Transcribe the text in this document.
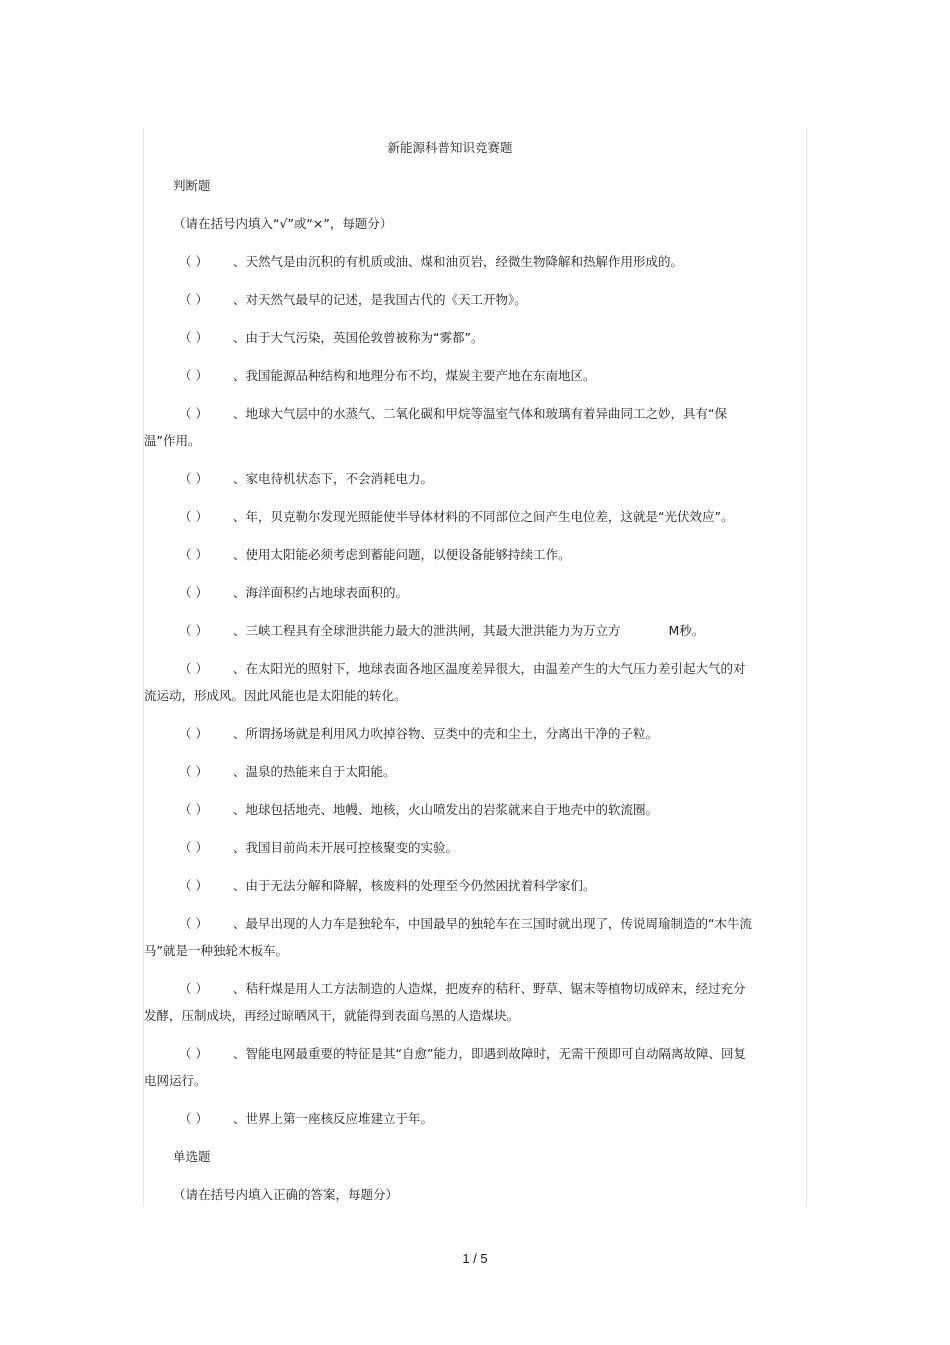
新能源科普知识竞赛题

判断题

（请在括号内填入“√”或“×”，每题分）

（ ） 、天然气是由沉积的有机质或油、煤和油页岩，经微生物降解和热解作用形成的。

（ ） 、对天然气最早的记述，是我国古代的《天工开物》。

（ ） 、由于大气污染，英国伦敦曾被称为“雾都”。

（ ） 、我国能源品种结构和地理分布不均，煤炭主要产地在东南地区。

（ ） 、地球大气层中的水蒸气、二氧化碳和甲烷等温室气体和玻璃有着异曲同工之妙，具有“保温”作用。

（ ） 、家电待机状态下，不会消耗电力。

（ ） 、年，贝克勒尔发现光照能使半导体材料的不同部位之间产生电位差，这就是“光伏效应”。

（ ） 、使用太阳能必须考虑到蓄能问题，以便设备能够持续工作。

（ ） 、海洋面积约占地球表面积的。

（ ） 、三峡工程具有全球泄洪能力最大的泄洪闸，其最大泄洪能力为万立方	M秒。

（ ） 、在太阳光的照射下，地球表面各地区温度差异很大，由温差产生的大气压力差引起大气的对流运动，形成风。因此风能也是太阳能的转化。

（ ） 、所谓扬场就是利用风力吹掉谷物、豆类中的壳和尘土，分离出干净的子粒。

（ ） 、温泉的热能来自于太阳能。

（ ） 、地球包括地壳、地幔、地核，火山喷发出的岩浆就来自于地壳中的软流圈。

（ ） 、我国目前尚未开展可控核聚变的实验。

（ ） 、由于无法分解和降解，核废料的处理至今仍然困扰着科学家们。

（ ） 、最早出现的人力车是独轮车，中国最早的独轮车在三国时就出现了，传说周瑜制造的“木牛流马”就是一种独轮木板车。

（ ） 、秸秆煤是用人工方法制造的人造煤，把废弃的秸秆、野草、锯末等植物切成碎末，经过充分发酵，压制成块，再经过晾晒风干，就能得到表面乌黑的人造煤块。

（ ） 、智能电网最重要的特征是其“自愈”能力，即遇到故障时，无需干预即可自动隔离故障、回复电网运行。

（ ） 、世界上第一座核反应堆建立于年。

单选题

（请在括号内填入正确的答案，每题分）

1 / 5
